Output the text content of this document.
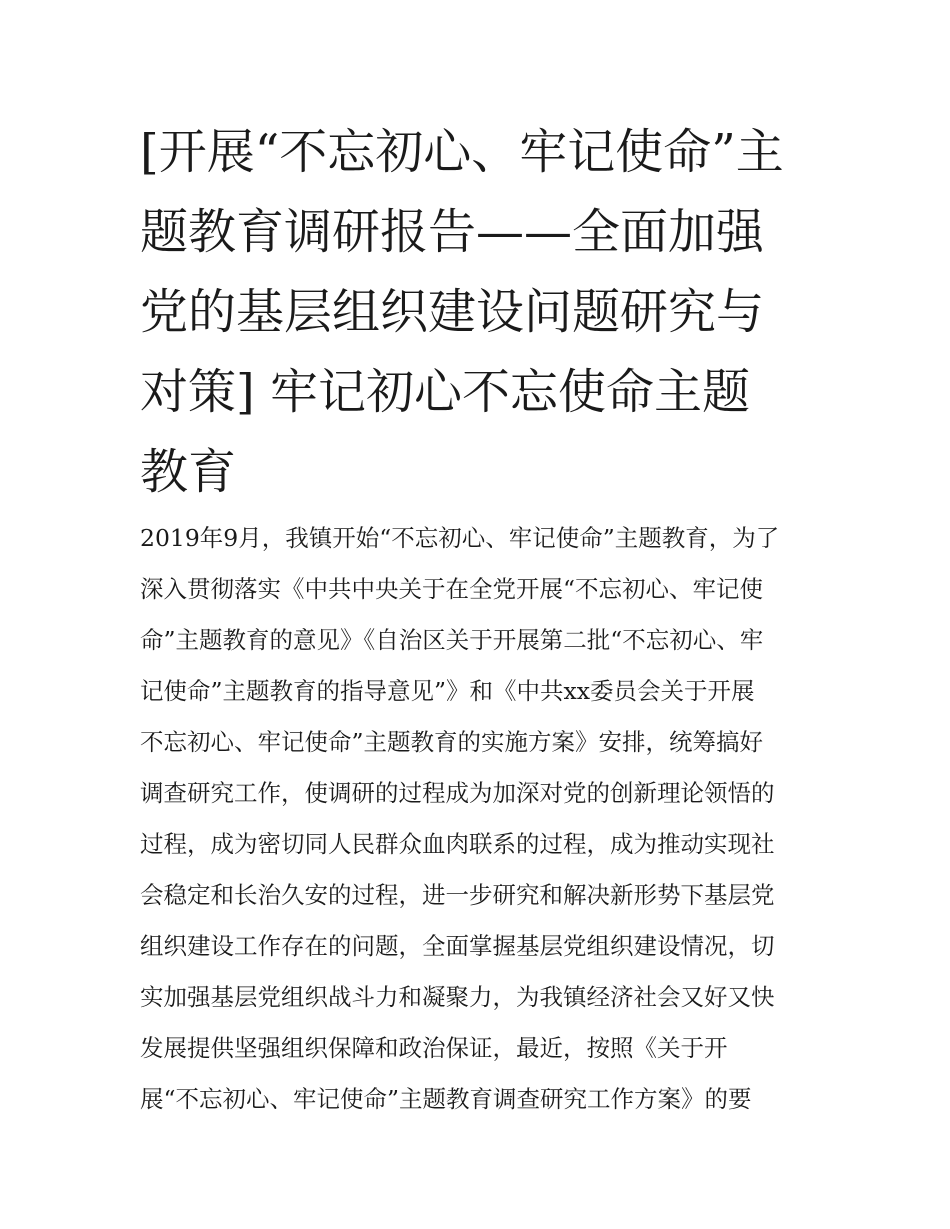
[开展“不忘初心、牢记使命”主
题教育调研报告——全面加强
党的基层组织建设问题研究与
对策] 牢记初心不忘使命主题
教育
2019年9月，我镇开始“不忘初心、牢记使命”主题教育，为了
深入贯彻落实《中共中央关于在全党开展“不忘初心、牢记使
命”主题教育的意见》《自治区关于开展第二批“不忘初心、牢
记使命”主题教育的指导意见”》和《中共xx委员会关于开展
不忘初心、牢记使命”主题教育的实施方案》安排，统筹搞好
调查研究工作，使调研的过程成为加深对党的创新理论领悟的
过程，成为密切同人民群众血肉联系的过程，成为推动实现社
会稳定和长治久安的过程，进一步研究和解决新形势下基层党
组织建设工作存在的问题，全面掌握基层党组织建设情况，切
实加强基层党组织战斗力和凝聚力，为我镇经济社会又好又快
发展提供坚强组织保障和政治保证，最近，按照《关于开
展“不忘初心、牢记使命”主题教育调查研究工作方案》的要
